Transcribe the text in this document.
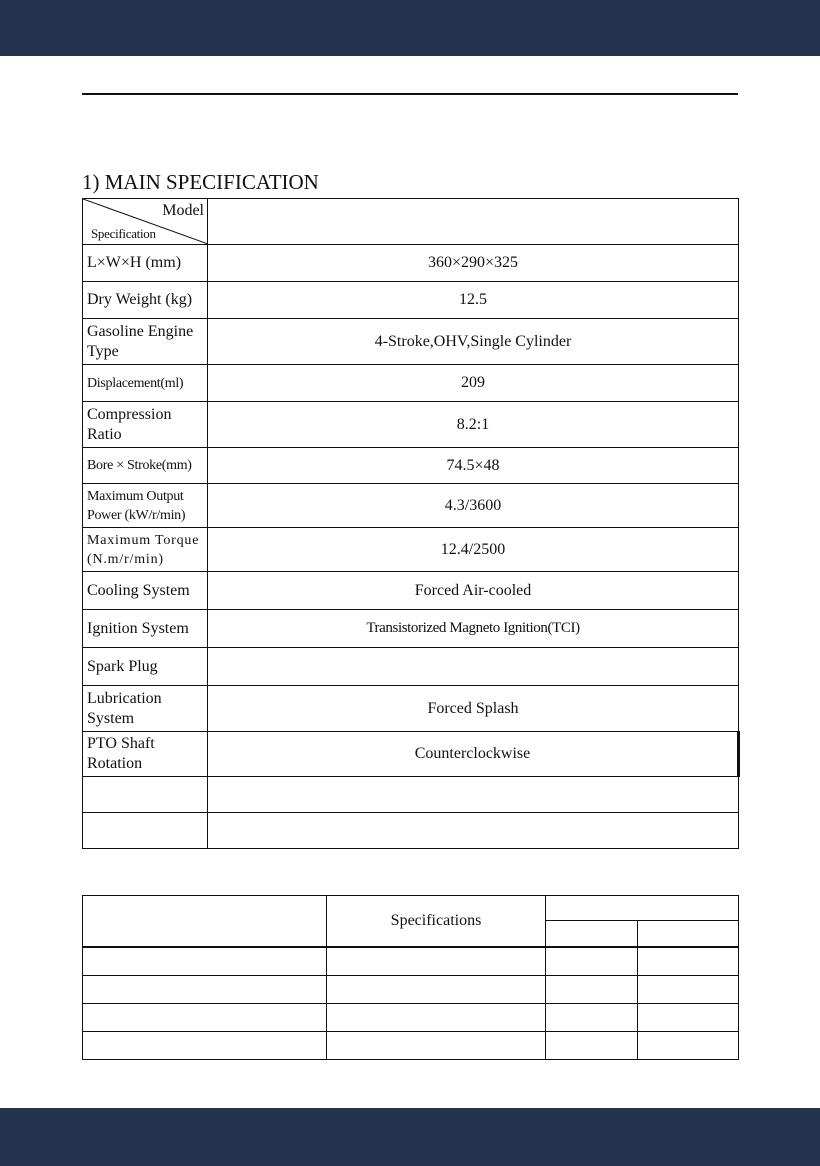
1) MAIN SPECIFICATION
Model
Specification	

L×W×H (mm)	360×290×325
Dry Weight (kg)	12.5
Gasoline Engine Type	4-Stroke,OHV,Single Cylinder
Displacement(ml)	209
Compression Ratio	8.2:1
Bore × Stroke(mm)	74.5×48
Maximum Output Power (kW/r/min)	4.3/3600
Maximum Torque (N.m/r/min)	12.4/2500
Cooling System	Forced Air-cooled
Ignition System	Transistorized Magneto Ignition(TCI)
Spark Plug	
Lubrication System	Forced Splash
PTO Shaft Rotation	Counterclockwise

	Specifications		
